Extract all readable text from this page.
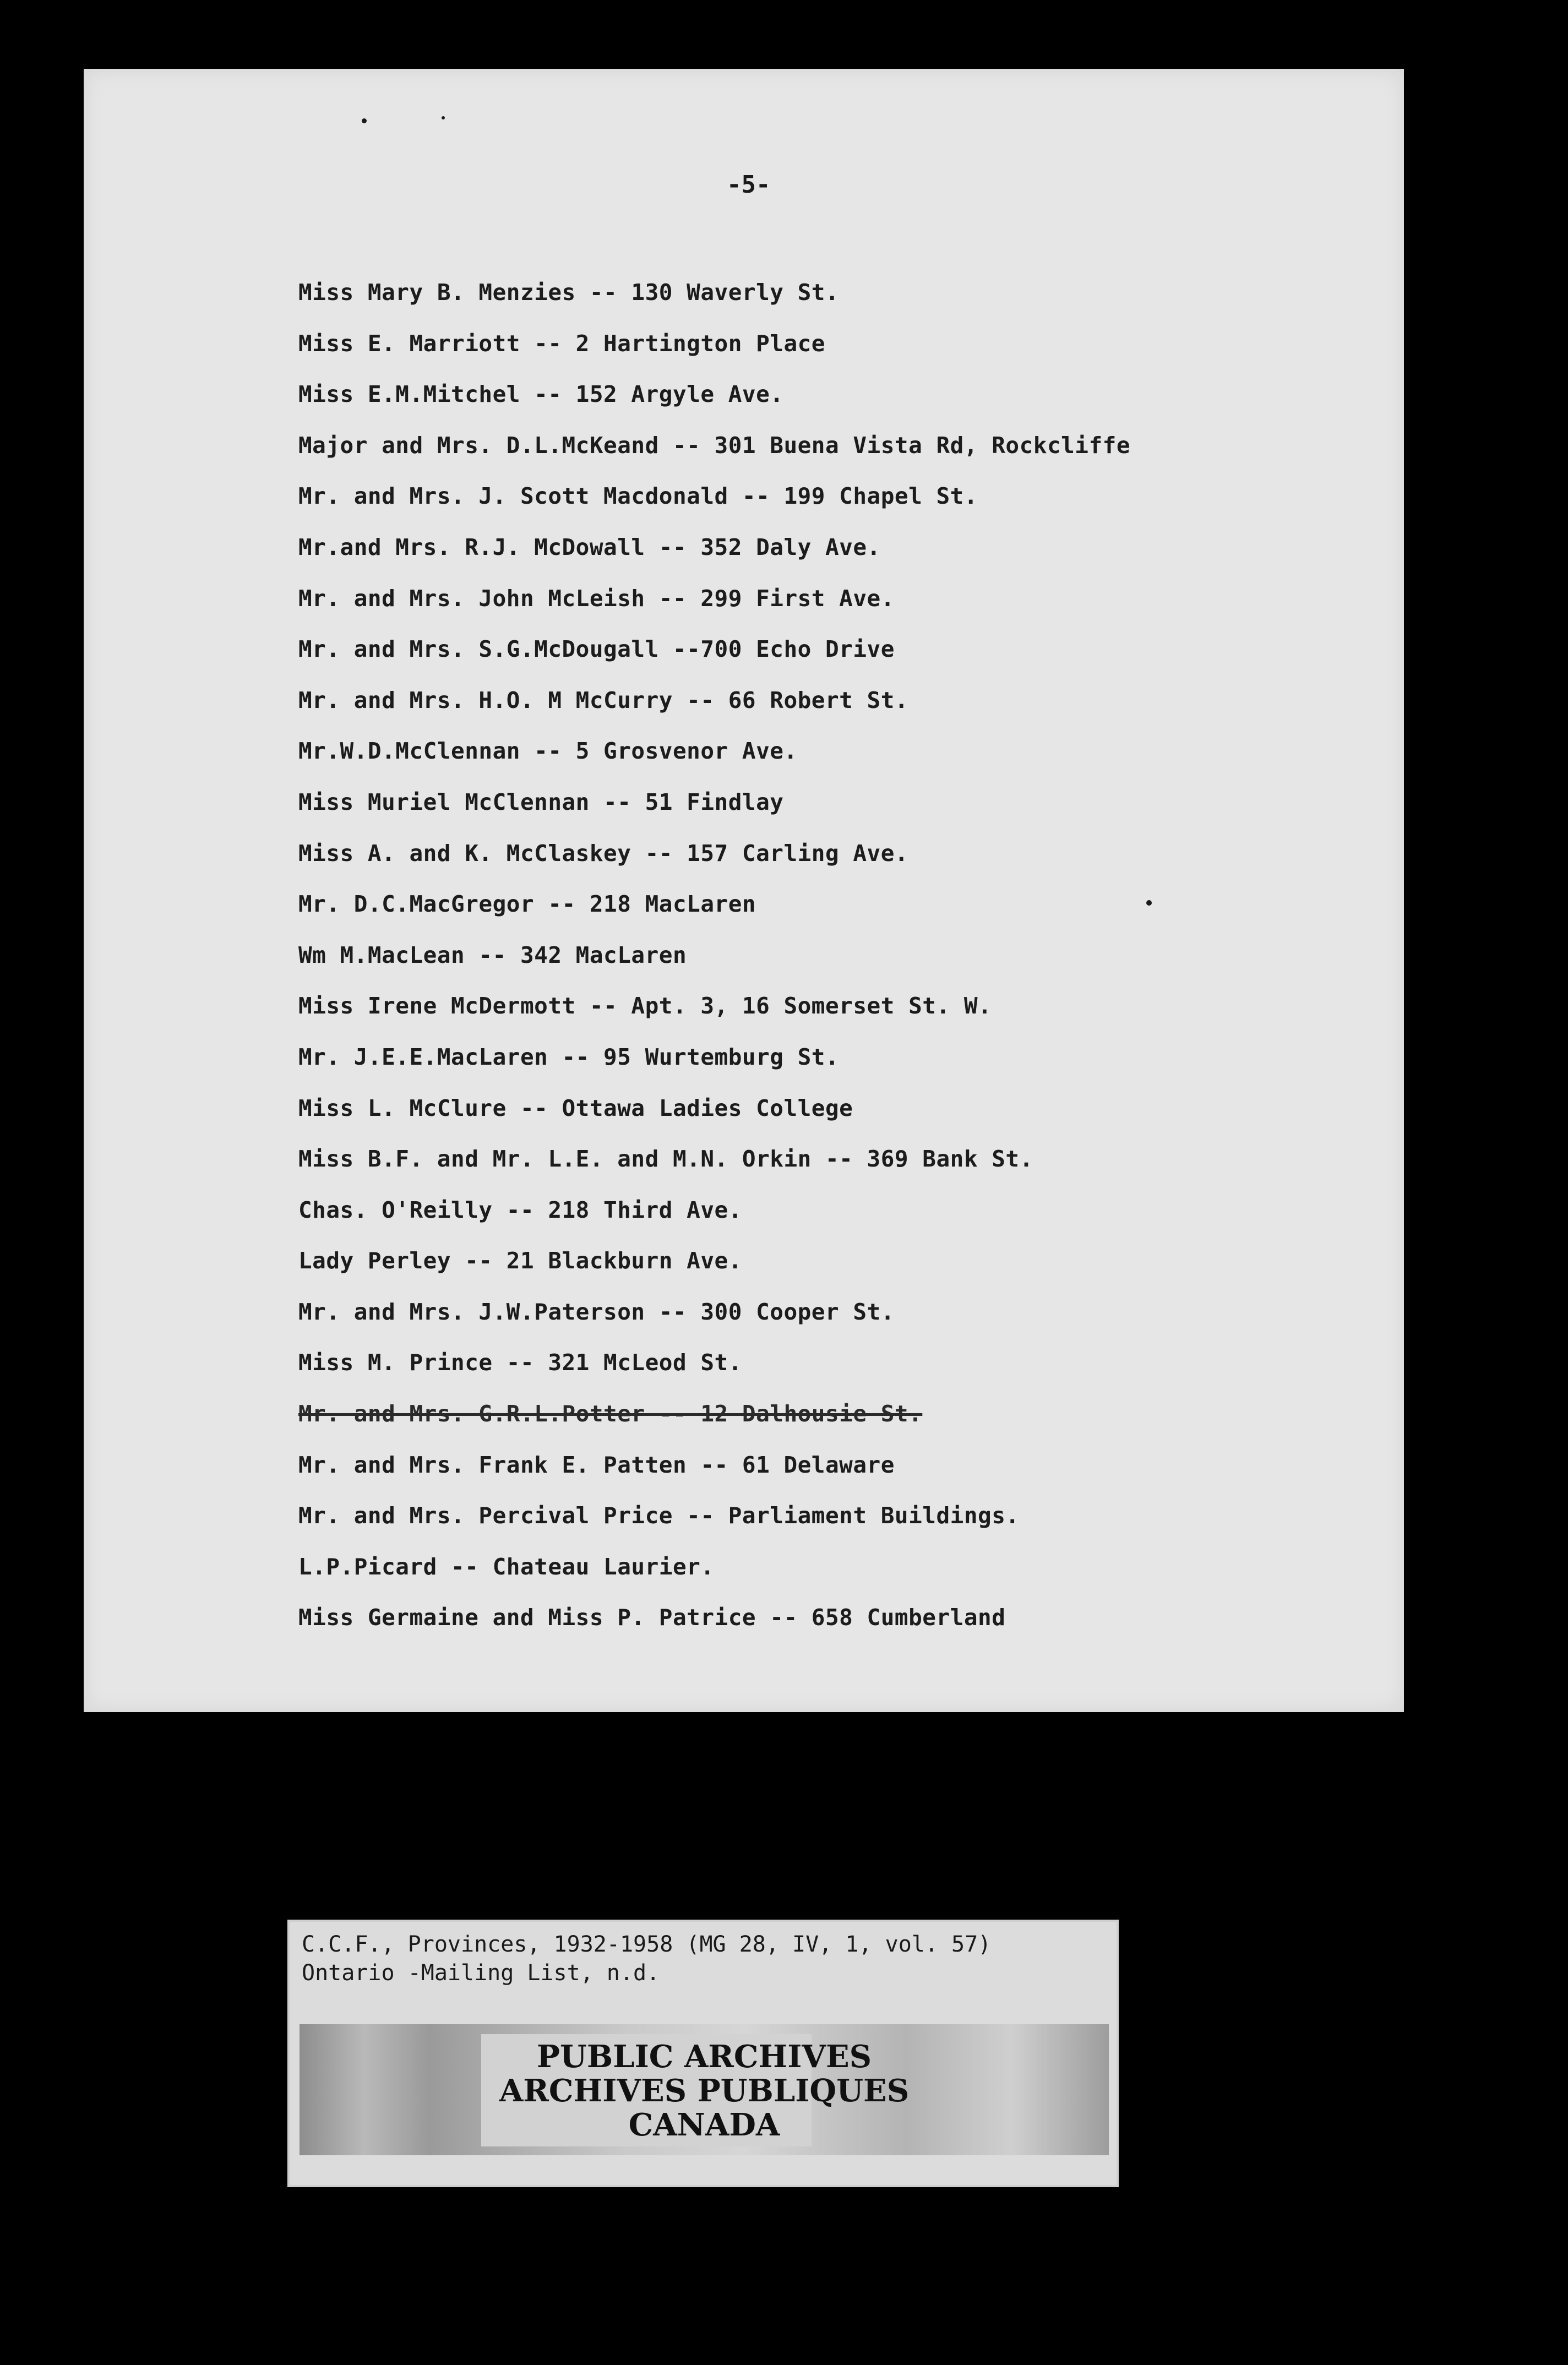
-5-
Miss Mary B. Menzies -- 130 Waverly St.
Miss E. Marriott -- 2 Hartington Place
Miss E.M.Mitchel -- 152 Argyle Ave.
Major and Mrs. D.L.McKeand -- 301 Buena Vista Rd, Rockcliffe
Mr. and Mrs. J. Scott Macdonald -- 199 Chapel St.
Mr.and Mrs. R.J. McDowall -- 352 Daly Ave.
Mr. and Mrs. John McLeish -- 299 First Ave.
Mr. and Mrs. S.G.McDougall --700 Echo Drive
Mr. and Mrs. H.O. M McCurry -- 66 Robert St.
Mr.W.D.McClennan -- 5 Grosvenor Ave.
Miss Muriel McClennan -- 51 Findlay
Miss A. and K. McClaskey -- 157 Carling Ave.
Mr. D.C.MacGregor -- 218 MacLaren
Wm M.MacLean -- 342 MacLaren
Miss Irene McDermott -- Apt. 3, 16 Somerset St. W.
Mr. J.E.E.MacLaren -- 95 Wurtemburg St.
Miss L. McClure -- Ottawa Ladies College
Miss B.F. and Mr. L.E. and M.N. Orkin -- 369 Bank St.
Chas. O'Reilly -- 218 Third Ave.
Lady Perley -- 21 Blackburn Ave.
Mr. and Mrs. J.W.Paterson -- 300 Cooper St.
Miss M. Prince -- 321 McLeod St.
Mr. and Mrs. G.R.L.Potter -- 12 Dalhousie St.
Mr. and Mrs. Frank E. Patten -- 61 Delaware
Mr. and Mrs. Percival Price -- Parliament Buildings.
L.P.Picard -- Chateau Laurier.
Miss Germaine and Miss P. Patrice -- 658 Cumberland
C.C.F., Provinces, 1932-1958 (MG 28, IV, 1, vol. 57)
Ontario -Mailing List, n.d.
PUBLIC ARCHIVES
ARCHIVES PUBLIQUES
CANADA
